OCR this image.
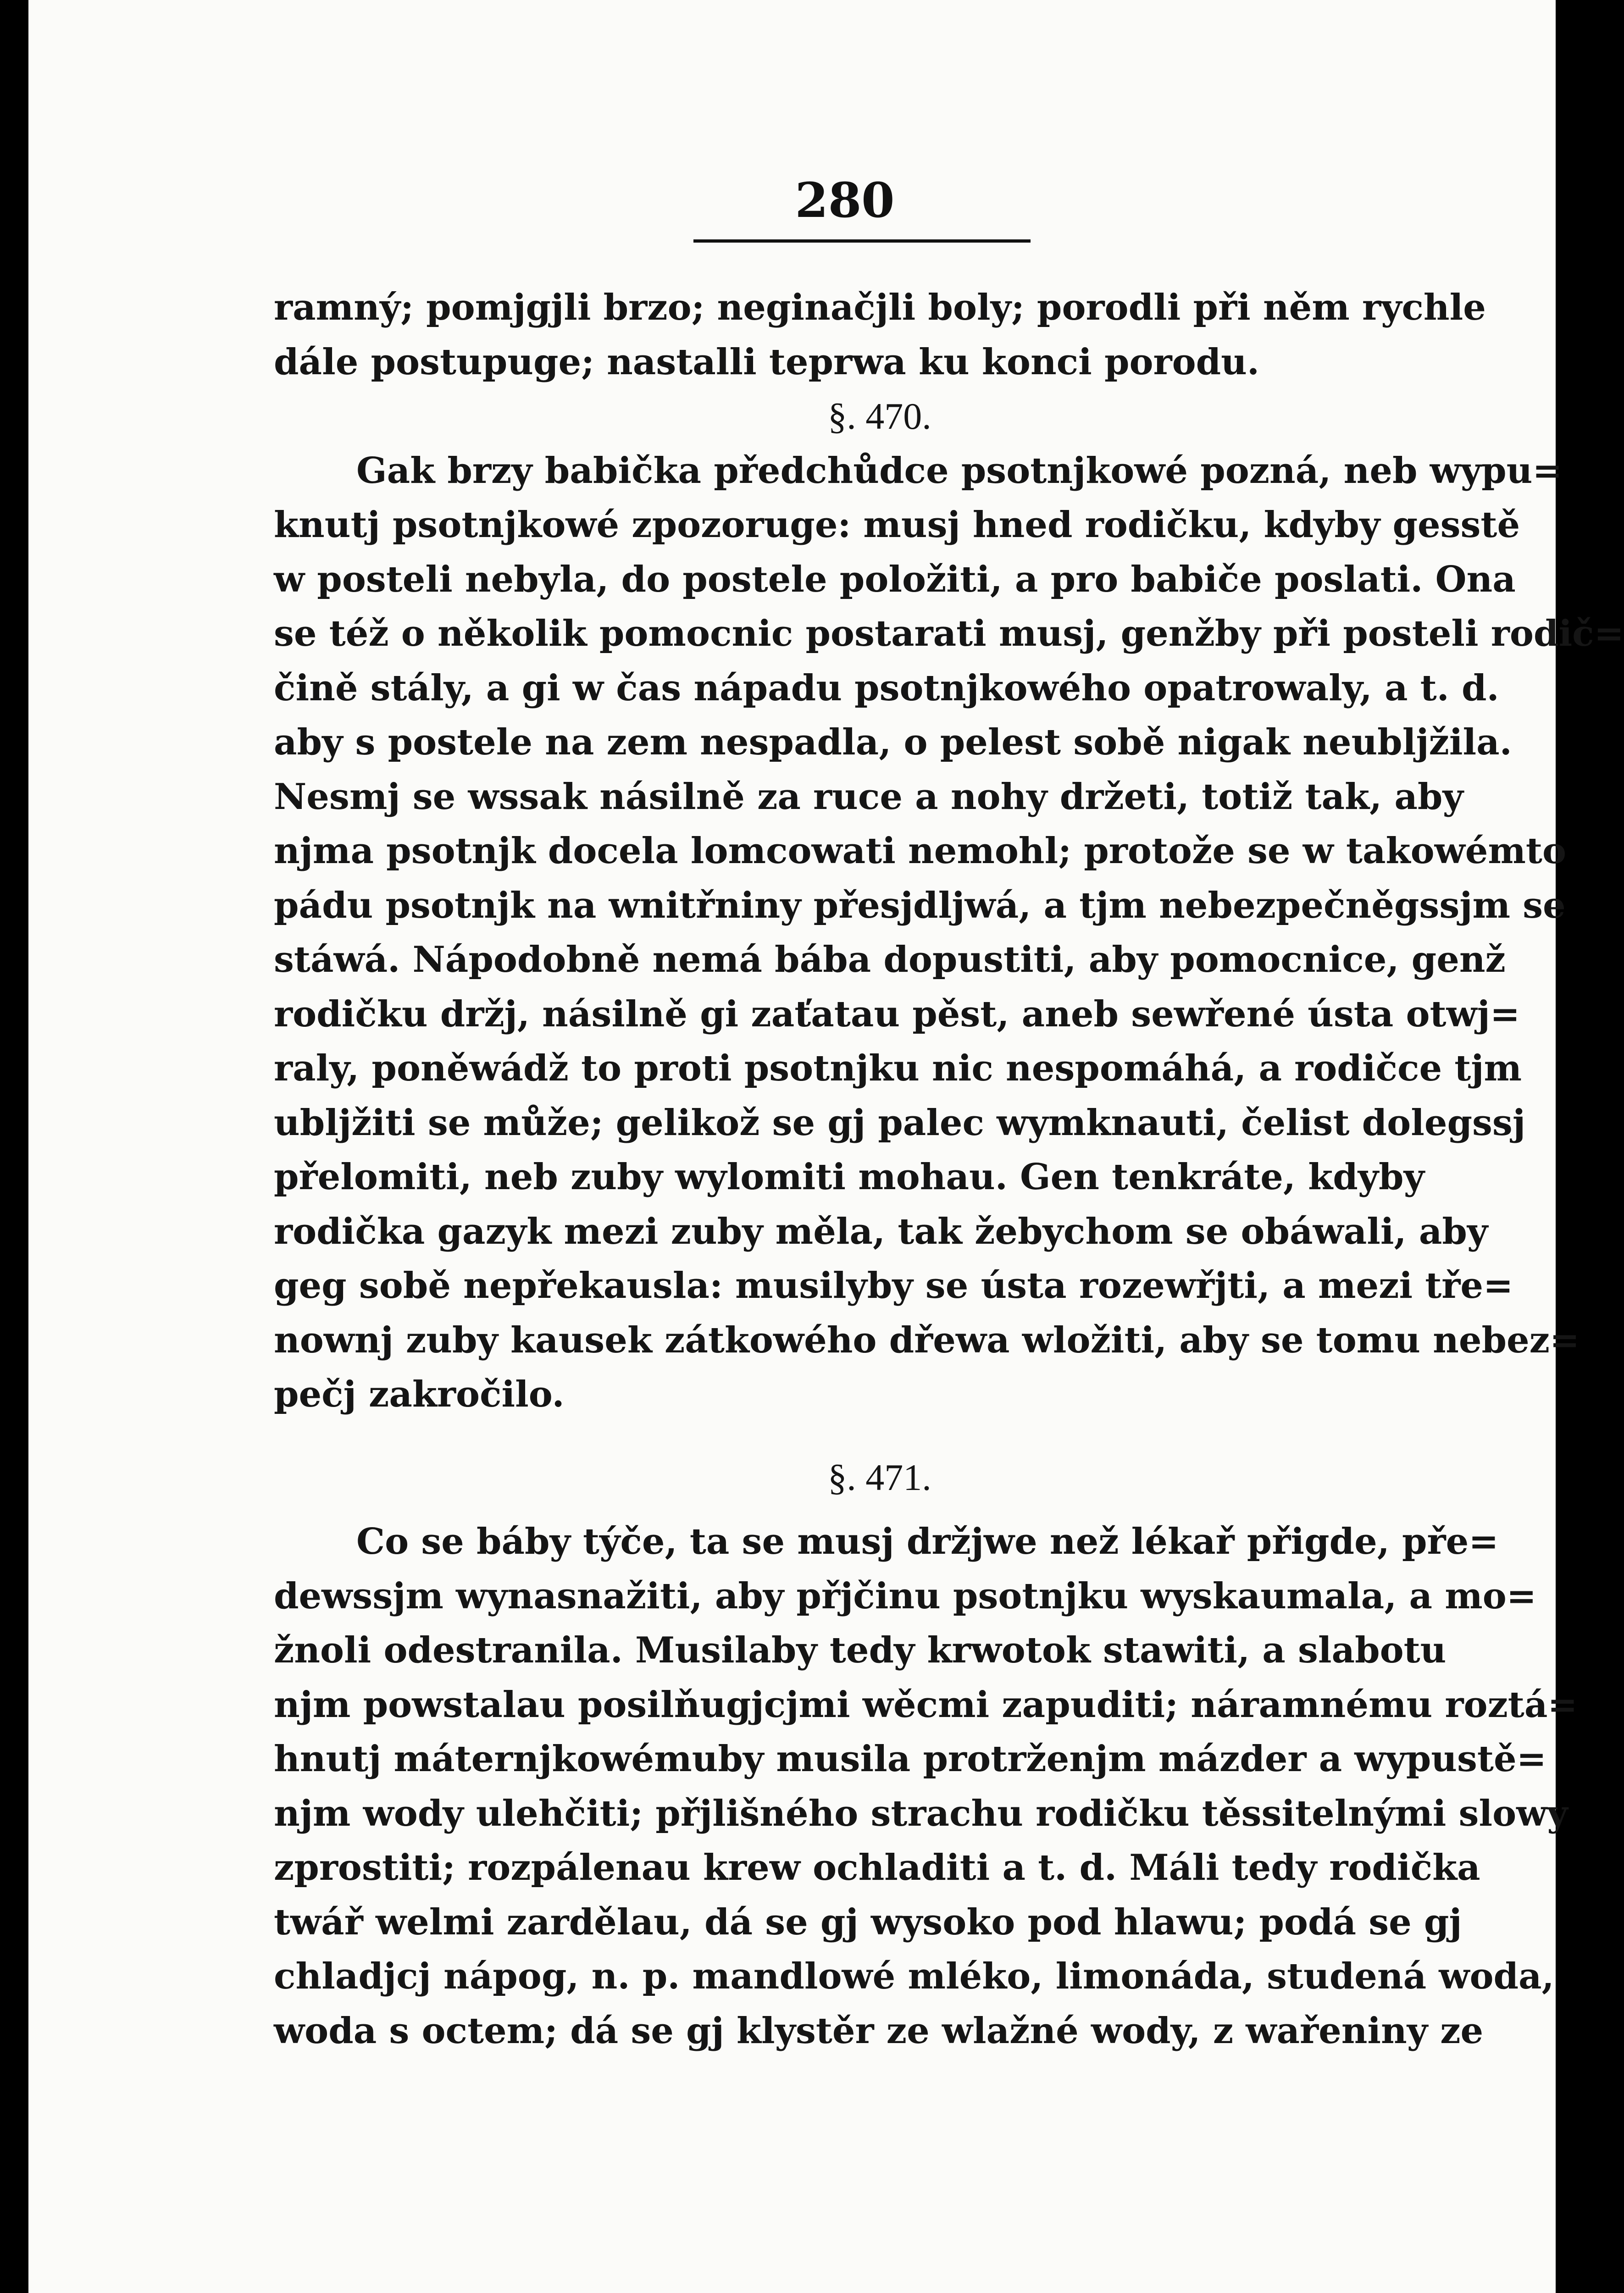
280
ramný; pomjgjli brzo; neginačjli boly; porodli při něm rychle
dále postupuge; nastalli teprwa ku konci porodu.
§. 470.
Gak brzy babička předchůdce psotnjkowé pozná, neb wypu=
knutj psotnjkowé zpozoruge: musj hned rodičku, kdyby gesstě
w posteli nebyla, do postele položiti, a pro babiče poslati. Ona
se též o několik pomocnic postarati musj, genžby při posteli rodič=
čině stály, a gi w čas nápadu psotnjkowého opatrowaly, a t. d.
aby s postele na zem nespadla, o pelest sobě nigak neubljžila.
Nesmj se wssak násilně za ruce a nohy držeti, totiž tak, aby
njma psotnjk docela lomcowati nemohl; protože se w takowémto
pádu psotnjk na wnitřniny přesjdljwá, a tjm nebezpečněgssjm se
stáwá. Nápodobně nemá bába dopustiti, aby pomocnice, genž
rodičku držj, násilně gi zaťatau pěst, aneb sewřené ústa otwj=
raly, poněwádž to proti psotnjku nic nespomáhá, a rodičce tjm
ubljžiti se může; gelikož se gj palec wymknauti, čelist dolegssj
přelomiti, neb zuby wylomiti mohau. Gen tenkráte, kdyby
rodička gazyk mezi zuby měla, tak žebychom se obáwali, aby
geg sobě nepřekausla: musilyby se ústa rozewřjti, a mezi tře=
nownj zuby kausek zátkowého dřewa wložiti, aby se tomu nebez=
pečj zakročilo.
§. 471.
Co se báby týče, ta se musj držjwe než lékař přigde, pře=
dewssjm wynasnažiti, aby přjčinu psotnjku wyskaumala, a mo=
žnoli odestranila. Musilaby tedy krwotok stawiti, a slabotu
njm powstalau posilňugjcjmi wěcmi zapuditi; náramnému roztá=
hnutj máternjkowémuby musila protrženjm mázder a wypustě=
njm wody ulehčiti; přjlišného strachu rodičku těssitelnými slowy
zprostiti; rozpálenau krew ochladiti a t. d. Máli tedy rodička
twář welmi zardělau, dá se gj wysoko pod hlawu; podá se gj
chladjcj nápog, n. p. mandlowé mléko, limonáda, studená woda,
woda s octem; dá se gj klystěr ze wlažné wody, z wařeniny ze
